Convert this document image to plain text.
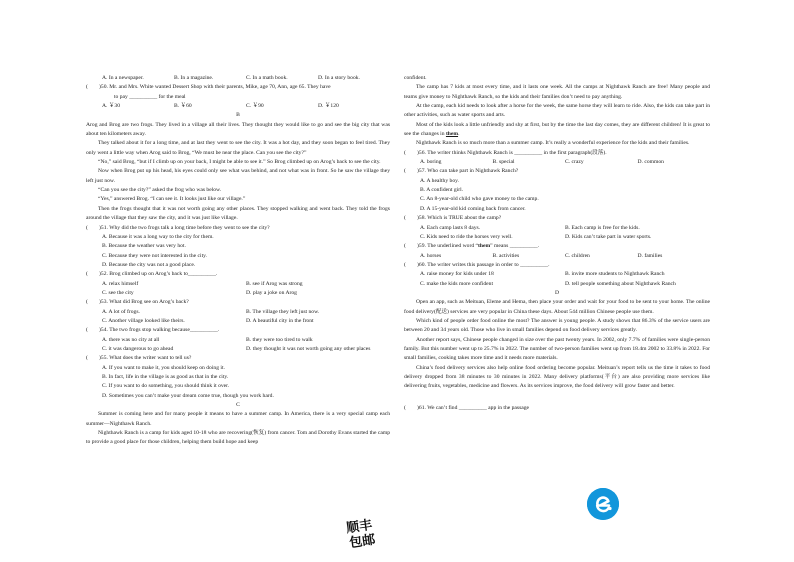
A. In a newspaper.	B. In a magazine.	C. In a math book.	D. In a story book.
(　　)50. Mr. and Mrs. White wanted Dessert Shop with their parents, Mike, age 70, Ann, age 65. They have
to pay __________ for the meal
A. ￥30	B. ￥60	C. ￥90	D. ￥120
B
Arog and Brog are two frogs. They lived in a village all their lives. They thought they would like to go and see the big city that was about ten kilometers away.
They talked about it for a long time, and at last they went to see the city. It was a hot day, and they soon began to feel tired. They only went a little way when Arog said to Brog, “We must be near the place. Can you see the city?”
“No,” said Brog, “but if I climb up on your back, I might be able to see it.” So Brog climbed up on Arog’s back to see the city.
Now when Brog put up his head, his eyes could only see what was behind, and not what was in front. So he saw the village they left just now.
“Can you see the city?” asked the frog who was below.
“Yes,” answered Brog. “I can see it. It looks just like our village.”
Then the frogs thought that it was not worth going any other places. They stopped walking and went back. They told the frogs around the village that they saw the city, and it was just like village.
(　　)51. Why did the two frogs talk a long time before they went to see the city?
A. Because it was a long way to the city for them.
B. Because the weather was very hot.
C. Because they were not interested in the city.
D. Because the city was not a good place.
(　　)52. Brog climbed up on Arog’s back to__________.
A. relax himself	B. see if Arog was strong
C. see the city	D. play a joke on Arog
(　　)53. What did Brog see on Arog’s back?
A. A lot of frogs.	B. The village they left just now.
C. Another village looked like theirs.	D. A beautiful city in the front
(　　)54. The two frogs stop walking because__________.
A. there was no city at all	B. they were too tired to walk
C. it was dangerous to go ahead	D. they thought it was not worth going any other places
(　　)55. What does the writer want to tell us?
A. If you want to make it, you should keep on doing it.
B. In fact, life in the village is as good as that in the city.
C. If you want to do something, you should think it over.
D. Sometimes you can’t make your dream come true, though you work hard.
C
Summer is coming here and for many people it means to have a summer camp. In America, there is a very special camp each summer—Nighthawk Ranch.
Nighthawk Ranch is a camp for kids aged 10-18 who are recovering(恢复) from cancer. Tom and Dorothy Evans started the camp to provide a good place for those children, helping them build hope and keep
confident.
The camp has 7 kids at most every time, and it lasts one week. All the camps at Nighthawk Ranch are free! Many people and teams give money to Nighthawk Ranch, so the kids and their families don’t need to pay anything.
At the camp, each kid needs to look after a horse for the week, the same horse they will learn to ride. Also, the kids can take part in other activities, such as water sports and arts.
Most of the kids look a little unfriendly and shy at first, but by the time the last day comes, they are different children! It is great to see the changes in them.
Nighthawk Ranch is so much more than a summer camp. It’s really a wonderful experience for the kids and their families.
(　　)56. The writer thinks Nighthawk Ranch is __________ in the first paragraph(段落).
A. boring	B. special	C. crazy	D. common
(　　)57. Who can take part in Nighthawk Ranch?
A. A healthy boy.
B. A confident girl.
C. An 8-year-old child who gave money to the camp.
D. A 15-year-old kid coming back from cancer.
(　　)58. Which is TRUE about the camp?
A. Each camp lasts 8 days.	B. Each camp is free for the kids.
C. Kids need to ride the horses very well.	D. Kids can’t take part in water sports.
(　　)59. The underlined word “them” means __________.
A. horses	B. activities	C. children	D. families
(　　)60. The writer writes this passage in order to __________.
A. raise money for kids under 18	B. invite more students to Nighthawk Ranch
C. make the kids more confident	D. tell people something about Nighthawk Ranch
D
Open an app, such as Meituan, Eleme and Hema, then place your order and wait for your food to be sent to your home. The online food delivery(配送) services are very popular in China these days. About 544 million Chinese people use them.
Which kind of people order food online the most? The answer is young people. A study shows that 86.3% of the service users are between 20 and 34 years old. Those who live in small families depend on food delivery services greatly.
Another report says, Chinese people changed in size over the past twenty years. In 2002, only 7.7% of families were single-person family. But this number went up to 25.7% in 2022. The number of two-person families went up from 18.4m 2002 to 33.8% in 2022. For small families, cooking takes more time and it needs more materials.
China’s food delivery services also help online food ordering become popular. Meituan’s report tells us the time it takes to food delivery dropped from 38 minutes to 30 minutes in 2022. Many delivery platforms(平台) are also providing more services like delivering fruits, vegetables, medicine and flowers. As its services improve, the food delivery will grow faster and better.
(　　)61. We can’t find __________ app in the passage
顺丰
包邮
